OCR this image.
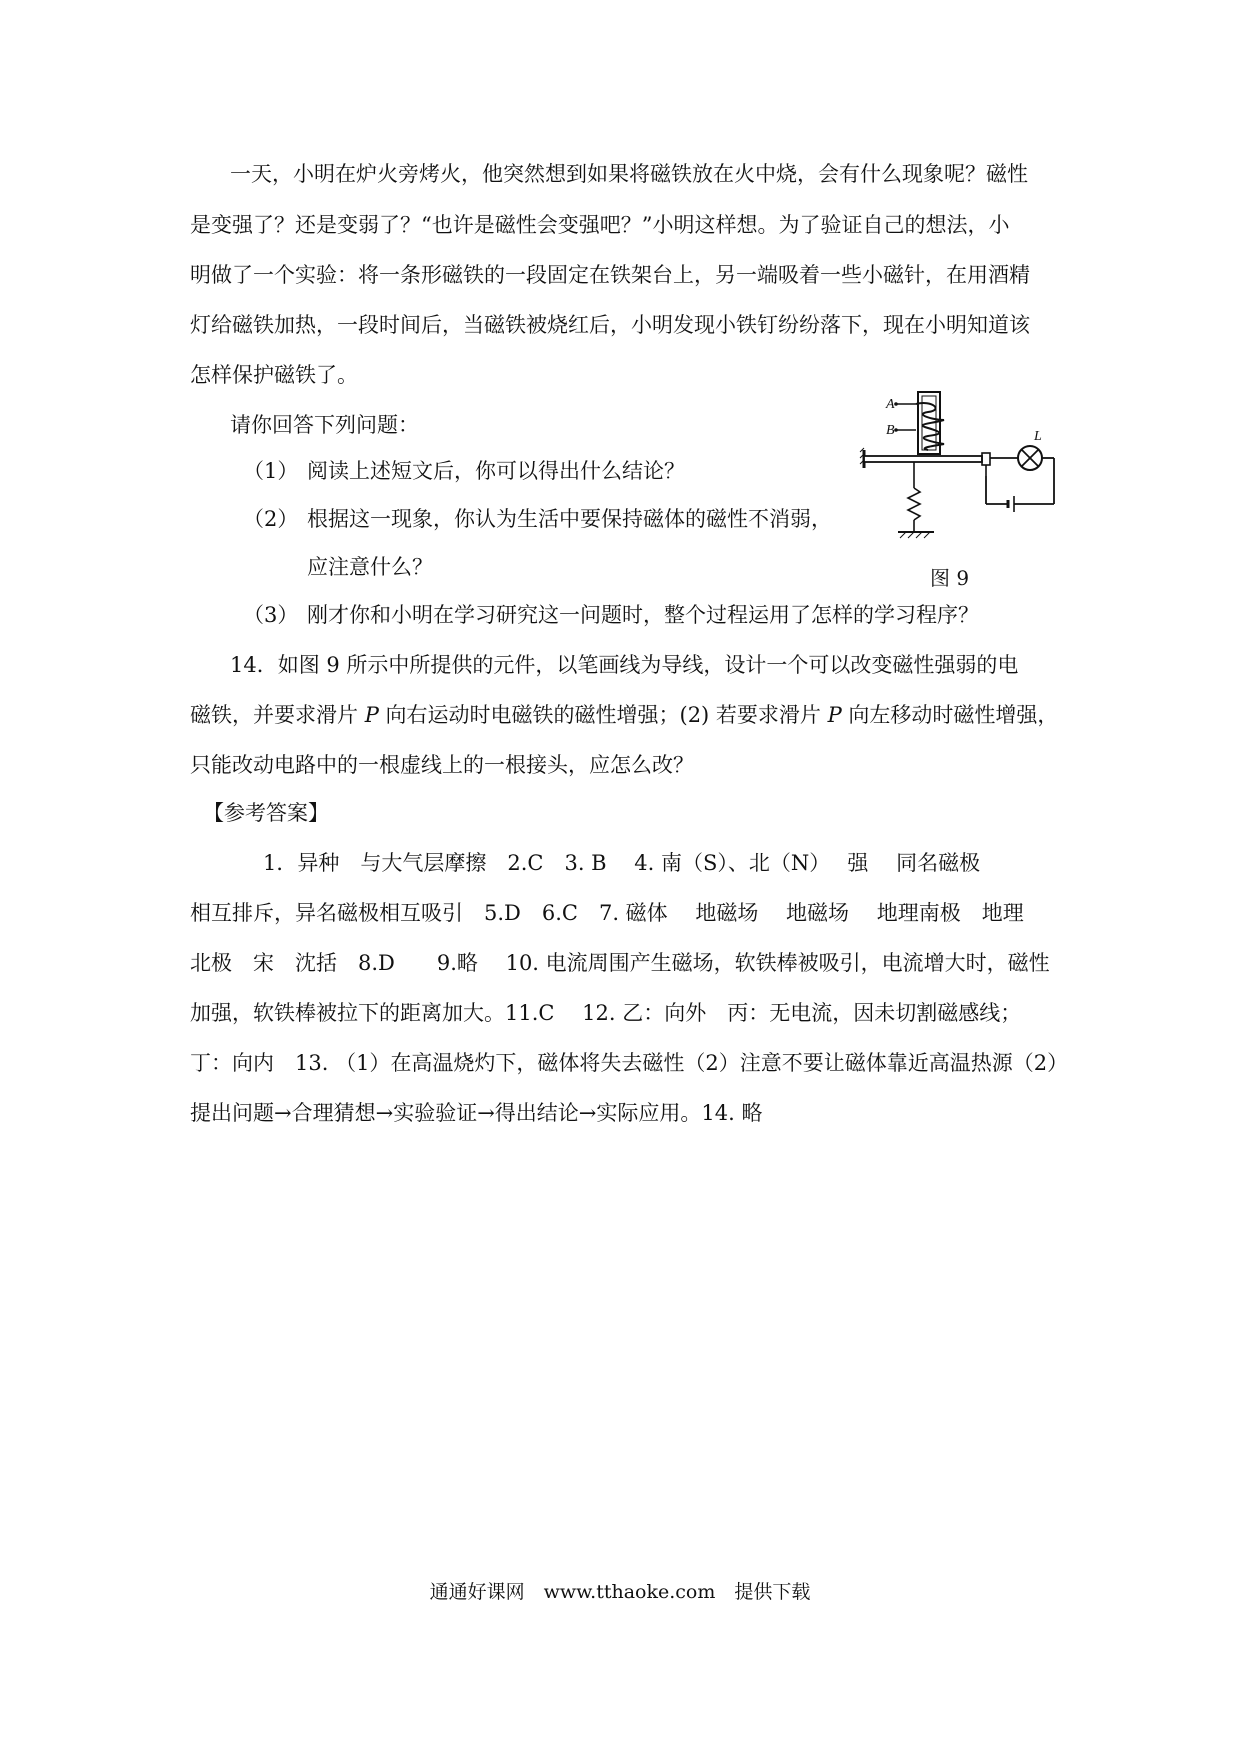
一天，小明在炉火旁烤火，他突然想到如果将磁铁放在火中烧，会有什么现象呢？磁性
是变强了？还是变弱了？“也许是磁性会变强吧？”小明这样想。为了验证自己的想法，小
明做了一个实验：将一条形磁铁的一段固定在铁架台上，另一端吸着一些小磁针，在用酒精
灯给磁铁加热，一段时间后，当磁铁被烧红后，小明发现小铁钉纷纷落下，现在小明知道该
怎样保护磁铁了。
请你回答下列问题：
（1） 阅读上述短文后，你可以得出什么结论？
（2） 根据这一现象，你认为生活中要保持磁体的磁性不消弱，
应注意什么？
（3） 刚才你和小明在学习研究这一问题时，整个过程运用了怎样的学习程序？
A
B	L
图 9
14．如图 9 所示中所提供的元件，以笔画线为导线，设计一个可以改变磁性强弱的电
磁铁，并要求滑片 P 向右运动时电磁铁的磁性增强；(2) 若要求滑片 P 向左移动时磁性增强，
只能改动电路中的一根虚线上的一根接头，应怎么改？
【参考答案】
1．异种　与大气层摩擦　2.C　3. B　 4. 南（S）、北（N）　 强　 同名磁极
相互排斥，异名磁极相互吸引　5.D　6.C　7. 磁体　 地磁场　 地磁场　 地理南极　地理
北极　宋　沈括　8.D　　9.略　 10. 电流周围产生磁场，软铁棒被吸引，电流增大时，磁性
加强，软铁棒被拉下的距离加大。11.C　 12. 乙：向外　丙：无电流，因未切割磁感线；
丁：向内　13. （1）在高温烧灼下，磁体将失去磁性（2）注意不要让磁体靠近高温热源（2）
提出问题→合理猜想→实验验证→得出结论→实际应用。14. 略
通通好课网　www.tthaoke.com　提供下载
